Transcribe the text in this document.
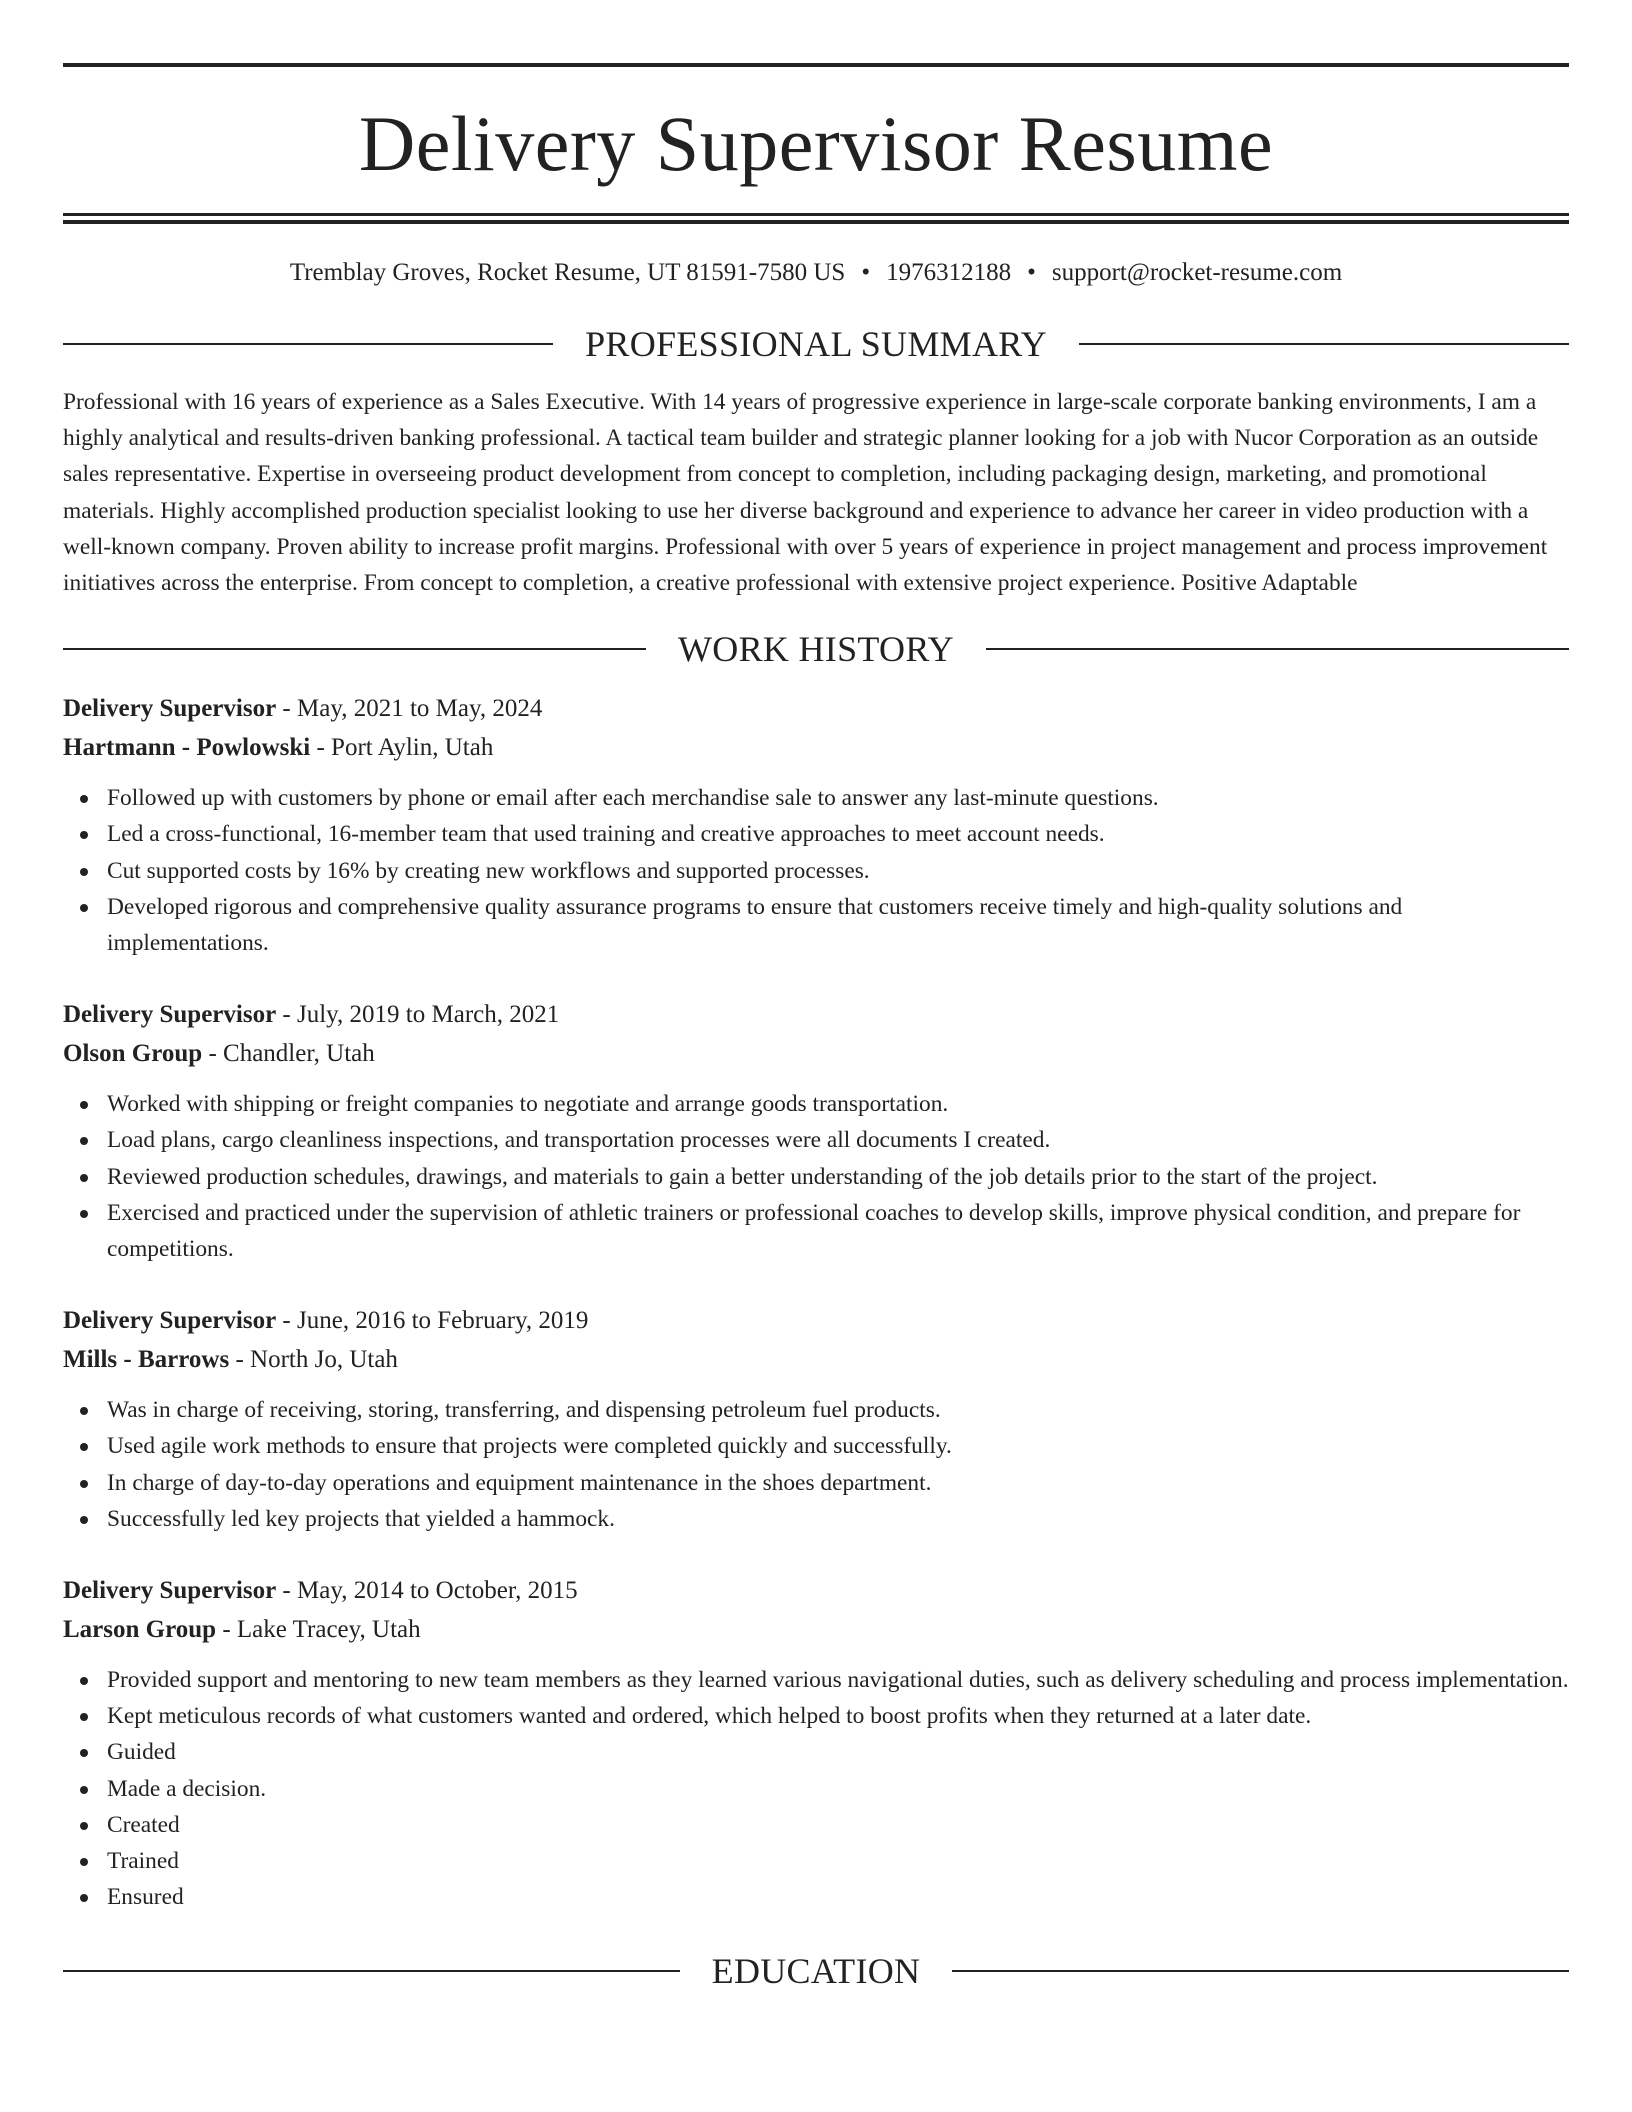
Delivery Supervisor Resume
Tremblay Groves, Rocket Resume, UT 81591-7580 US • 1976312188 • support@rocket-resume.com
PROFESSIONAL SUMMARY

Professional with 16 years of experience as a Sales Executive. With 14 years of progressive experience in large-scale corporate banking environments, I am a highly analytical and results-driven banking professional. A tactical team builder and strategic planner looking for a job with Nucor Corporation as an outside sales representative. Expertise in overseeing product development from concept to completion, including packaging design, marketing, and promotional materials. Highly accomplished production specialist looking to use her diverse background and experience to advance her career in video production with a well-known company. Proven ability to increase profit margins. Professional with over 5 years of experience in project management and process improvement initiatives across the enterprise. From concept to completion, a creative professional with extensive project experience. Positive Adaptable

WORK HISTORY
Delivery Supervisor - May, 2021 to May, 2024
Hartmann - Powlowski - Port Aylin, Utah
Followed up with customers by phone or email after each merchandise sale to answer any last-minute questions.
Led a cross-functional, 16-member team that used training and creative approaches to meet account needs.
Cut supported costs by 16% by creating new workflows and supported processes.
Developed rigorous and comprehensive quality assurance programs to ensure that customers receive timely and high-quality solutions and implementations.
Delivery Supervisor - July, 2019 to March, 2021
Olson Group - Chandler, Utah
Worked with shipping or freight companies to negotiate and arrange goods transportation.
Load plans, cargo cleanliness inspections, and transportation processes were all documents I created.
Reviewed production schedules, drawings, and materials to gain a better understanding of the job details prior to the start of the project.
Exercised and practiced under the supervision of athletic trainers or professional coaches to develop skills, improve physical condition, and prepare for competitions.
Delivery Supervisor - June, 2016 to February, 2019
Mills - Barrows - North Jo, Utah
Was in charge of receiving, storing, transferring, and dispensing petroleum fuel products.
Used agile work methods to ensure that projects were completed quickly and successfully.
In charge of day-to-day operations and equipment maintenance in the shoes department.
Successfully led key projects that yielded a hammock.
Delivery Supervisor - May, 2014 to October, 2015
Larson Group - Lake Tracey, Utah
Provided support and mentoring to new team members as they learned various navigational duties, such as delivery scheduling and process implementation.
Kept meticulous records of what customers wanted and ordered, which helped to boost profits when they returned at a later date.
Guided
Made a decision.
Created
Trained
Ensured
EDUCATION
